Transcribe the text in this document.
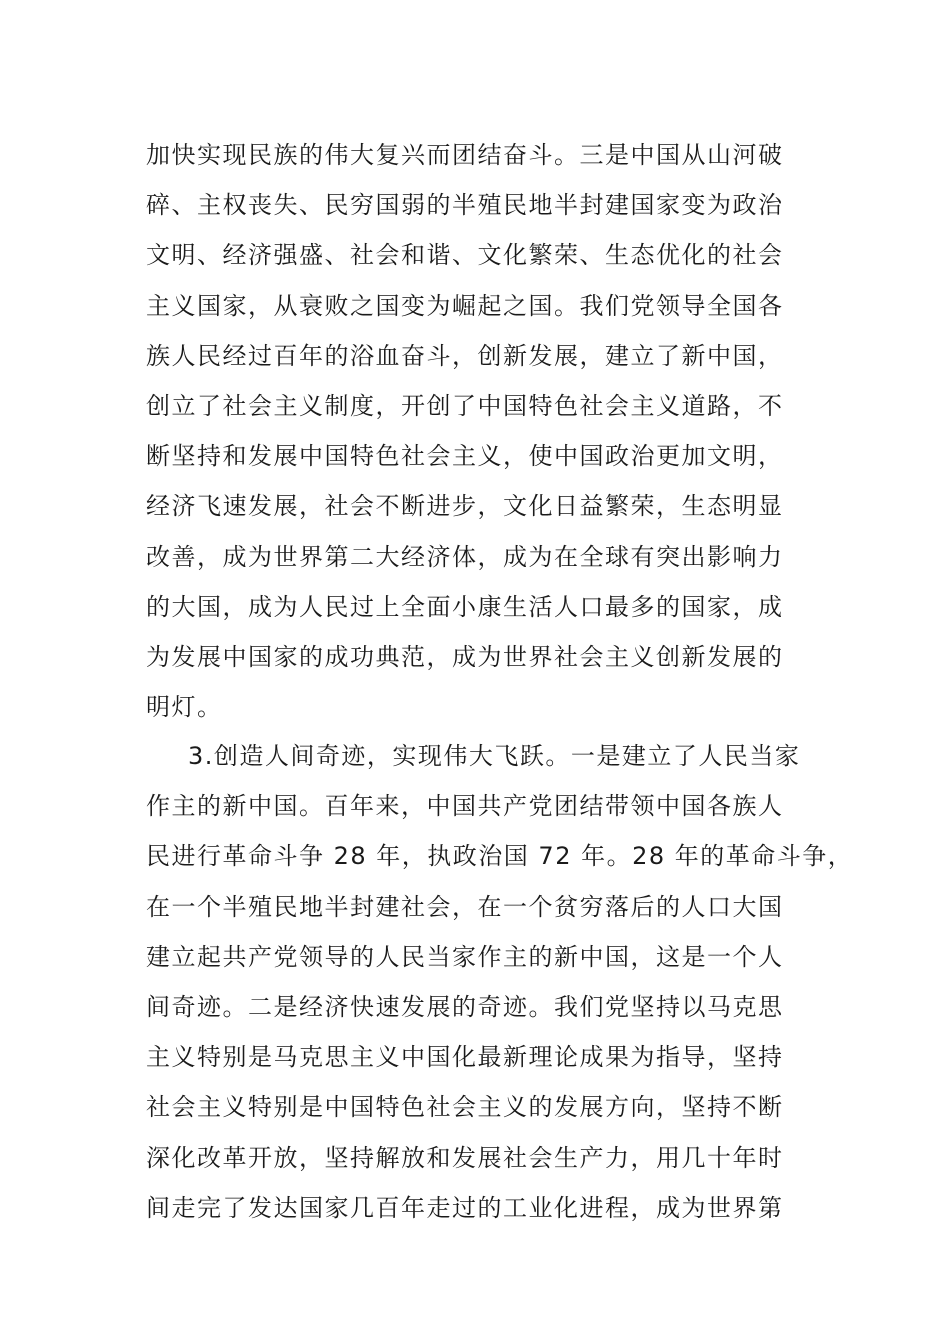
加快实现民族的伟大复兴而团结奋斗。三是中国从山河破
碎、主权丧失、民穷国弱的半殖民地半封建国家变为政治
文明、经济强盛、社会和谐、文化繁荣、生态优化的社会
主义国家，从衰败之国变为崛起之国。我们党领导全国各
族人民经过百年的浴血奋斗，创新发展，建立了新中国，
创立了社会主义制度，开创了中国特色社会主义道路，不
断坚持和发展中国特色社会主义，使中国政治更加文明，
经济飞速发展，社会不断进步，文化日益繁荣，生态明显
改善，成为世界第二大经济体，成为在全球有突出影响力
的大国，成为人民过上全面小康生活人口最多的国家，成
为发展中国家的成功典范，成为世界社会主义创新发展的
明灯。
3.创造人间奇迹，实现伟大飞跃。一是建立了人民当家
作主的新中国。百年来，中国共产党团结带领中国各族人
民进行革命斗争 28 年，执政治国 72 年。28 年的革命斗争，
在一个半殖民地半封建社会，在一个贫穷落后的人口大国
建立起共产党领导的人民当家作主的新中国，这是一个人
间奇迹。二是经济快速发展的奇迹。我们党坚持以马克思
主义特别是马克思主义中国化最新理论成果为指导，坚持
社会主义特别是中国特色社会主义的发展方向，坚持不断
深化改革开放，坚持解放和发展社会生产力，用几十年时
间走完了发达国家几百年走过的工业化进程，成为世界第
